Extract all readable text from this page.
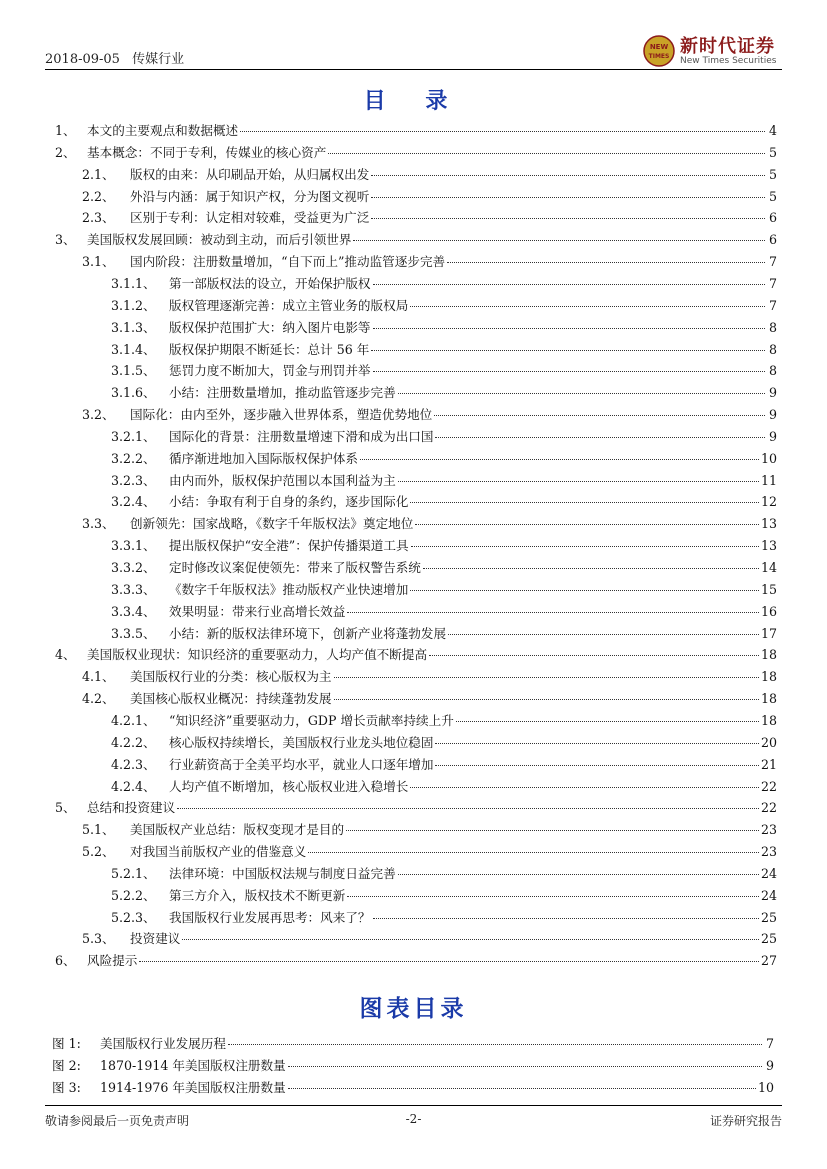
2018-09-05 传媒行业
NEW
TIMES 新时代证券
New Times Securities
目 录
1、 本文的主要观点和数据概述	4
2、 基本概念：不同于专利，传媒业的核心资产	5
2.1、	版权的由来：从印刷品开始，从归属权出发	5
2.2、	外沿与内涵：属于知识产权，分为图文视听	5
2.3、	区别于专利：认定相对较难，受益更为广泛	6
3、 美国版权发展回顾：被动到主动，而后引领世界	6
3.1、	国内阶段：注册数量增加，“自下而上”推动监管逐步完善	7
3.1.1、	第一部版权法的设立，开始保护版权	7
3.1.2、	版权管理逐渐完善：成立主管业务的版权局	7
3.1.3、	版权保护范围扩大：纳入图片电影等	8
3.1.4、	版权保护期限不断延长：总计 56 年	8
3.1.5、	惩罚力度不断加大，罚金与刑罚并举	8
3.1.6、	小结：注册数量增加，推动监管逐步完善	9
3.2、	国际化：由内至外，逐步融入世界体系，塑造优势地位	9
3.2.1、	国际化的背景：注册数量增速下滑和成为出口国	9
3.2.2、	循序渐进地加入国际版权保护体系	10
3.2.3、	由内而外，版权保护范围以本国利益为主	11
3.2.4、	小结：争取有利于自身的条约，逐步国际化	12
3.3、	创新领先：国家战略，《数字千年版权法》奠定地位	13
3.3.1、	提出版权保护“安全港”：保护传播渠道工具	13
3.3.2、	定时修改议案促使领先：带来了版权警告系统	14
3.3.3、	《数字千年版权法》推动版权产业快速增加	15
3.3.4、	效果明显：带来行业高增长效益	16
3.3.5、	小结：新的版权法律环境下，创新产业将蓬勃发展	17
4、 美国版权业现状：知识经济的重要驱动力，人均产值不断提高	18
4.1、	美国版权行业的分类：核心版权为主	18
4.2、	美国核心版权业概况：持续蓬勃发展	18
4.2.1、	“知识经济”重要驱动力，GDP 增长贡献率持续上升	18
4.2.2、	核心版权持续增长，美国版权行业龙头地位稳固	20
4.2.3、	行业薪资高于全美平均水平，就业人口逐年增加	21
4.2.4、	人均产值不断增加，核心版权业进入稳增长	22
5、 总结和投资建议	22
5.1、	美国版权产业总结：版权变现才是目的	23
5.2、	对我国当前版权产业的借鉴意义	23
5.2.1、	法律环境：中国版权法规与制度日益完善	24
5.2.2、	第三方介入，版权技术不断更新	24
5.2.3、	我国版权行业发展再思考：风来了？	25
5.3、	投资建议	25
6、 风险提示	27
图表目录
图 1:	美国版权行业发展历程	7
图 2:	1870-1914 年美国版权注册数量	9
图 3:	1914-1976 年美国版权注册数量	10
敬请参阅最后一页免责声明	-2-	证券研究报告
